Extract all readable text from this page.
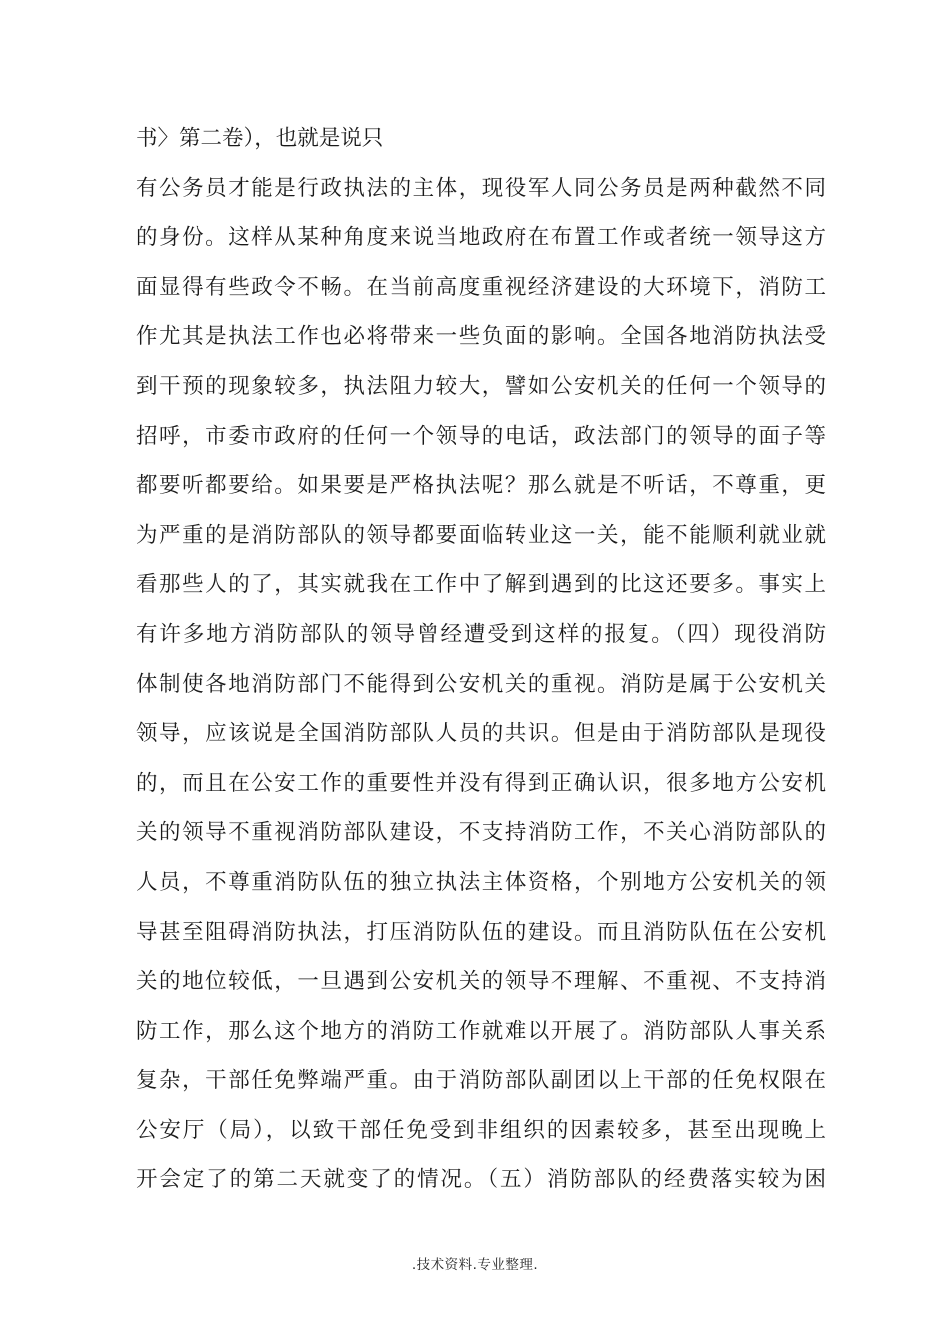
书〉第二卷），也就是说只
有公务员才能是行政执法的主体，现役军人同公务员是两种截然不同
的身份。这样从某种角度来说当地政府在布置工作或者统一领导这方
面显得有些政令不畅。在当前高度重视经济建设的大环境下，消防工
作尤其是执法工作也必将带来一些负面的影响。全国各地消防执法受
到干预的现象较多，执法阻力较大，譬如公安机关的任何一个领导的
招呼，市委市政府的任何一个领导的电话，政法部门的领导的面子等
都要听都要给。如果要是严格执法呢？那么就是不听话，不尊重，更
为严重的是消防部队的领导都要面临转业这一关，能不能顺利就业就
看那些人的了，其实就我在工作中了解到遇到的比这还要多。事实上
有许多地方消防部队的领导曾经遭受到这样的报复。（四）现役消防
体制使各地消防部门不能得到公安机关的重视。消防是属于公安机关
领导，应该说是全国消防部队人员的共识。但是由于消防部队是现役
的，而且在公安工作的重要性并没有得到正确认识，很多地方公安机
关的领导不重视消防部队建设，不支持消防工作，不关心消防部队的
人员，不尊重消防队伍的独立执法主体资格，个别地方公安机关的领
导甚至阻碍消防执法，打压消防队伍的建设。而且消防队伍在公安机
关的地位较低，一旦遇到公安机关的领导不理解、不重视、不支持消
防工作，那么这个地方的消防工作就难以开展了。消防部队人事关系
复杂，干部任免弊端严重。由于消防部队副团以上干部的任免权限在
公安厅（局），以致干部任免受到非组织的因素较多，甚至出现晚上
开会定了的第二天就变了的情况。（五）消防部队的经费落实较为困
.技术资料.专业整理.
